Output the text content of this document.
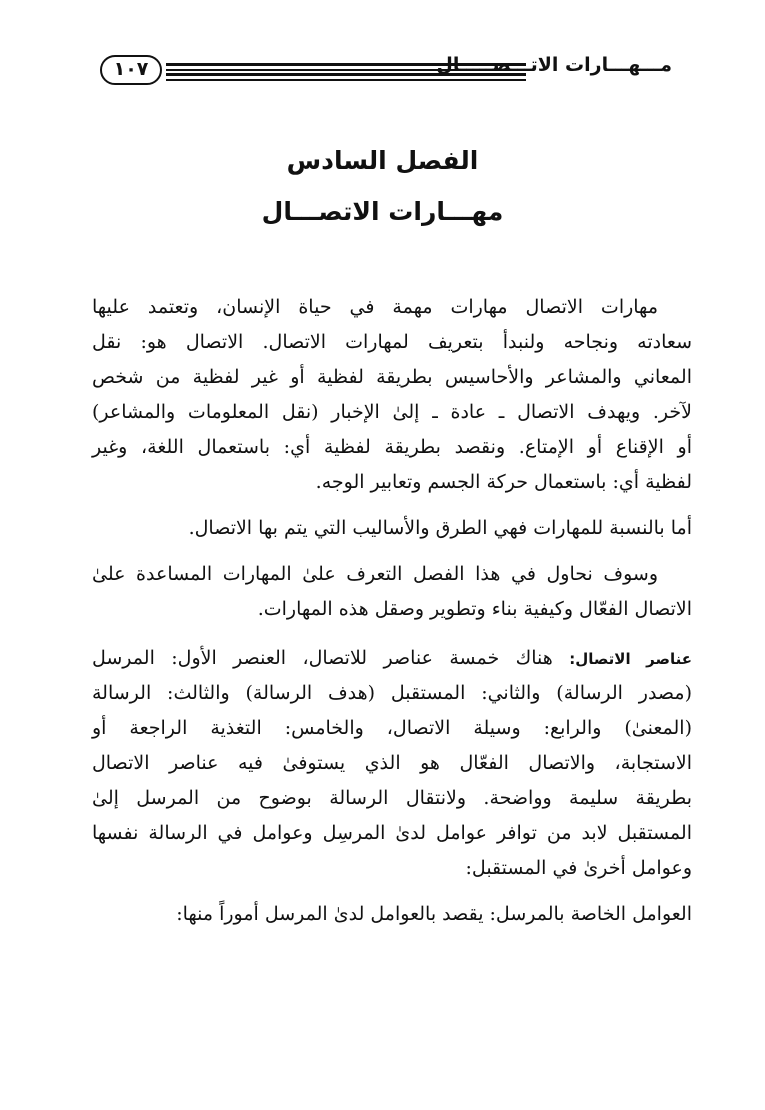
١٠٧	مـــهـــارات الاتـــصـــــال
الفصل السادس
مهـــارات الاتصـــال
مهارات الاتصال مهارات مهمة في حياة الإنسان، وتعتمد عليها
سعادته ونجاحه ولنبدأ بتعريف لمهارات الاتصال. الاتصال هو: نقل
المعاني والمشاعر والأحاسيس بطريقة لفظية أو غير لفظية من شخص
لآخر. ويهدف الاتصال ـ عادة ـ إلىٰ الإخبار (نقل المعلومات والمشاعر)
أو الإقناع أو الإمتاع. ونقصد بطريقة لفظية أي: باستعمال اللغة، وغير
لفظية أي: باستعمال حركة الجسم وتعابير الوجه.
أما بالنسبة للمهارات فهي الطرق والأساليب التي يتم بها الاتصال.
وسوف نحاول في هذا الفصل التعرف علىٰ المهارات المساعدة علىٰ
الاتصال الفعّال وكيفية بناء وتطوير وصقل هذه المهارات.
عناصر الاتصال: هناك خمسة عناصر للاتصال، العنصر الأول: المرسل
(مصدر الرسالة) والثاني: المستقبل (هدف الرسالة) والثالث: الرسالة
(المعنىٰ) والرابع: وسيلة الاتصال، والخامس: التغذية الراجعة أو
الاستجابة، والاتصال الفعّال هو الذي يستوفىٰ فيه عناصر الاتصال
بطريقة سليمة وواضحة. ولانتقال الرسالة بوضوح من المرسل إلىٰ
المستقبل لابد من توافر عوامل لدىٰ المرسِل وعوامل في الرسالة نفسها
وعوامل أخرىٰ في المستقبل:
العوامل الخاصة بالمرسل: يقصد بالعوامل لدىٰ المرسل أموراً منها:
